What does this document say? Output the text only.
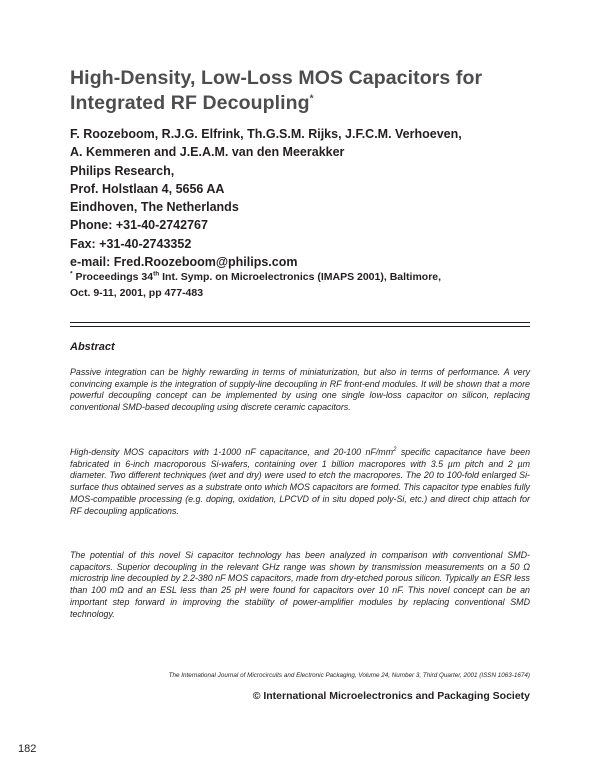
High-Density, Low-Loss MOS Capacitors for
Integrated RF Decoupling*
F. Roozeboom, R.J.G. Elfrink, Th.G.S.M. Rijks, J.F.C.M. Verhoeven,
A. Kemmeren and J.E.A.M. van den Meerakker
Philips Research,
Prof. Holstlaan 4, 5656 AA
Eindhoven, The Netherlands
Phone: +31-40-2742767
Fax: +31-40-2743352
e-mail: Fred.Roozeboom@philips.com
* Proceedings 34th Int. Symp. on Microelectronics (IMAPS 2001), Baltimore,
Oct. 9-11, 2001, pp 477-483
Abstract
Passive integration can be highly rewarding in terms of miniaturization, but also in terms of performance. A very convincing example is the integration of supply-line decoupling in RF front-end modules. It will be shown that a more powerful decoupling concept can be implemented by using one single low-loss capacitor on silicon, replacing conventional SMD-based decoupling using discrete ceramic capacitors.
High-density MOS capacitors with 1-1000 nF capacitance, and 20-100 $nF/mm^2$ specific capacitance have been fabricated in 6-inch macroporous Si-wafers, containing over 1 billion macropores with 3.5 µm pitch and 2 µm diameter. Two different techniques (wet and dry) were used to etch the macropores. The 20 to 100-fold enlarged Si-surface thus obtained serves as a substrate onto which MOS capacitors are formed. This capacitor type enables fully MOS-compatible processing (e.g. doping, oxidation, LPCVD of in situ doped poly-Si, etc.) and direct chip attach for RF decoupling applications.
The potential of this novel Si capacitor technology has been analyzed in comparison with conventional SMD-capacitors. Superior decoupling in the relevant GHz range was shown by transmission measurements on a 50 Ω microstrip line decoupled by 2.2-380 nF MOS capacitors, made from dry-etched porous silicon. Typically an ESR less than 100 mΩ and an ESL less than 25 pH were found for capacitors over 10 nF. This novel concept can be an important step forward in improving the stability of power-amplifier modules by replacing conventional SMD technology.
The International Journal of Microcircuits and Electronic Packaging, Volume 24, Number 3, Third Quarter, 2001 (ISSN 1063-1674)
© International Microelectronics and Packaging Society
182
